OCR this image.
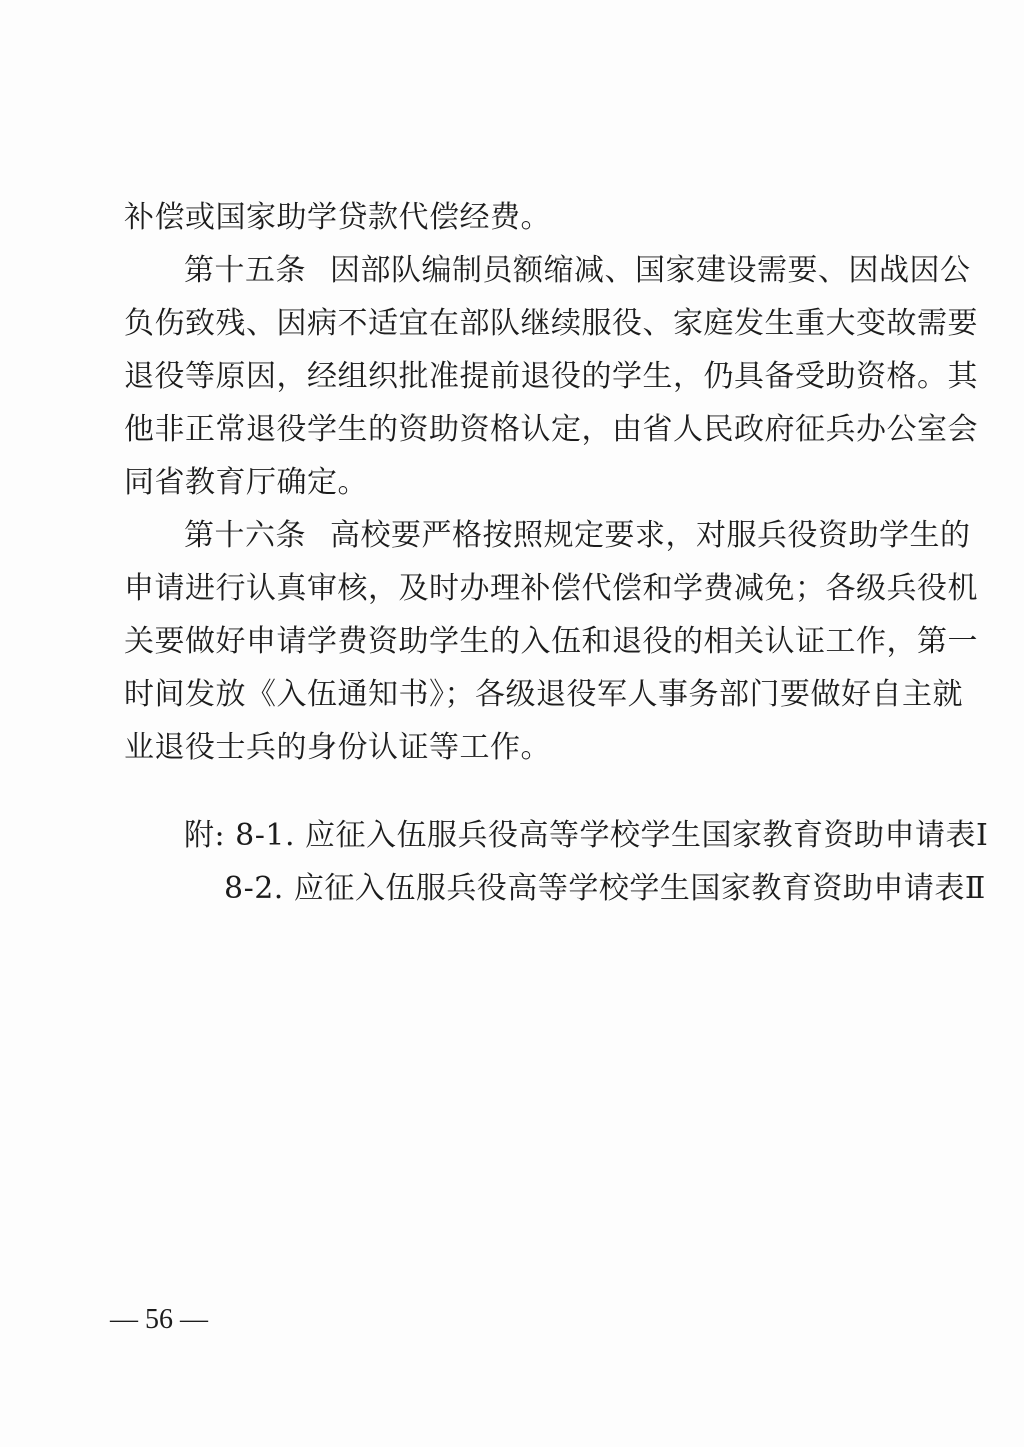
补偿或国家助学贷款代偿经费。
第十五条 因部队编制员额缩减、国家建设需要、因战因公
负伤致残、因病不适宜在部队继续服役、家庭发生重大变故需要
退役等原因，经组织批准提前退役的学生，仍具备受助资格。其
他非正常退役学生的资助资格认定，由省人民政府征兵办公室会
同省教育厅确定。
第十六条 高校要严格按照规定要求，对服兵役资助学生的
申请进行认真审核，及时办理补偿代偿和学费减免；各级兵役机
关要做好申请学费资助学生的入伍和退役的相关认证工作，第一
时间发放《入伍通知书》；各级退役军人事务部门要做好自主就
业退役士兵的身份认证等工作。
附: 8-1. 应征入伍服兵役高等学校学生国家教育资助申请表Ⅰ
8-2. 应征入伍服兵役高等学校学生国家教育资助申请表Ⅱ
— 56 —
